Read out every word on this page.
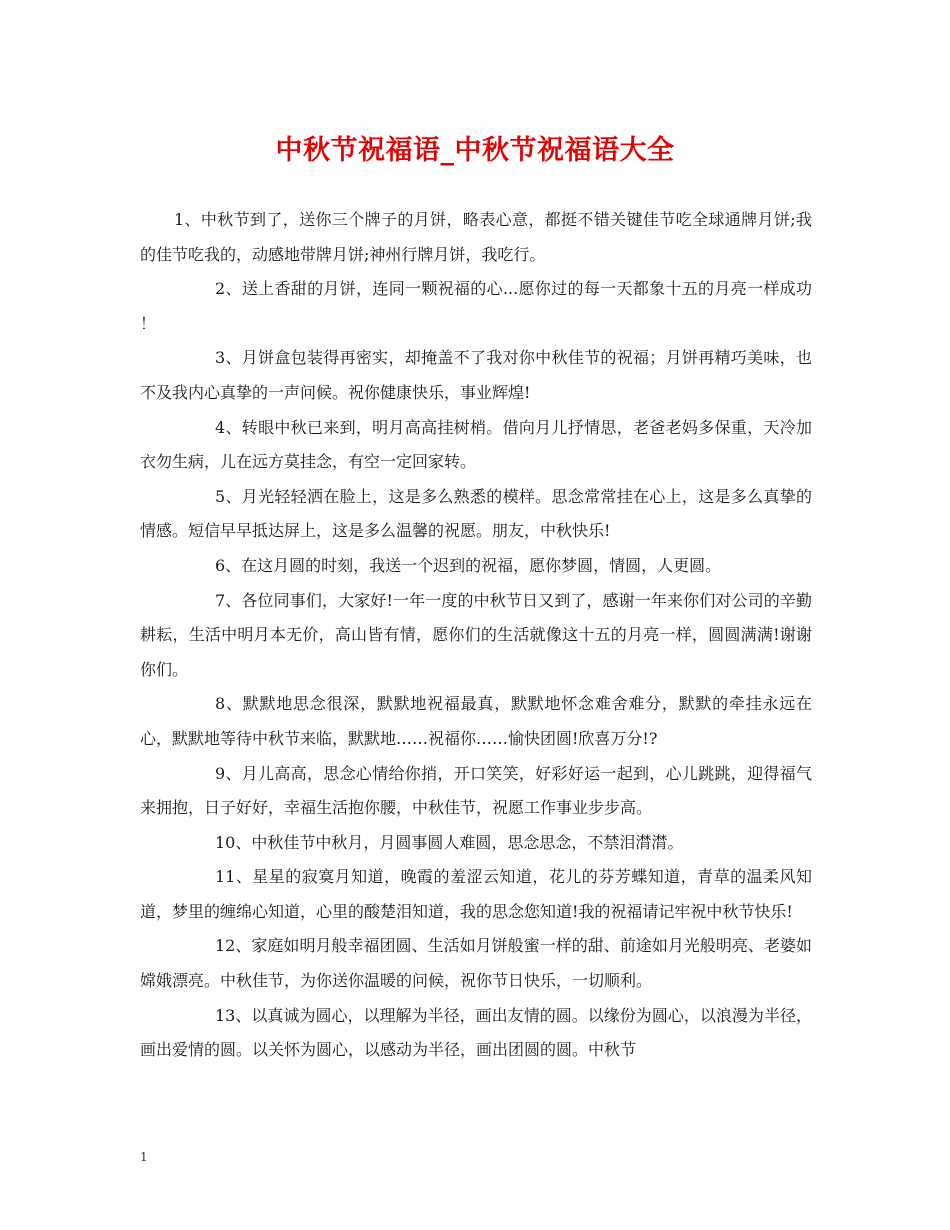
中秋节祝福语_中秋节祝福语大全

1、中秋节到了，送你三个牌子的月饼，略表心意，都挺不错关键佳节吃全球通牌月饼;我的佳节吃我的，动感地带牌月饼;神州行牌月饼，我吃行。

2、送上香甜的月饼，连同一颗祝福的心...愿你过的每一天都象十五的月亮一样成功 ！

3、月饼盒包装得再密实，却掩盖不了我对你中秋佳节的祝福；月饼再精巧美味，也不及我内心真挚的一声问候。祝你健康快乐，事业辉煌!

4、转眼中秋已来到，明月高高挂树梢。借向月儿抒情思，老爸老妈多保重，天冷加衣勿生病，儿在远方莫挂念，有空一定回家转。

5、月光轻轻洒在脸上，这是多么熟悉的模样。思念常常挂在心上，这是多么真挚的情感。短信早早抵达屏上，这是多么温馨的祝愿。朋友，中秋快乐!

6、在这月圆的时刻，我送一个迟到的祝福，愿你梦圆，情圆，人更圆。

7、各位同事们，大家好!一年一度的中秋节日又到了，感谢一年来你们对公司的辛勤耕耘，生活中明月本无价，高山皆有情，愿你们的生活就像这十五的月亮一样，圆圆满满!谢谢你们。

8、默默地思念很深，默默地祝福最真，默默地怀念难舍难分，默默的牵挂永远在心，默默地等待中秋节来临，默默地……祝福你……愉快团圆!欣喜万分!?

9、月儿高高，思念心情给你捎，开口笑笑，好彩好运一起到，心儿跳跳，迎得福气来拥抱，日子好好，幸福生活抱你腰，中秋佳节，祝愿工作事业步步高。

10、中秋佳节中秋月，月圆事圆人难圆，思念思念，不禁泪潸潸。

11、星星的寂寞月知道，晚霞的羞涩云知道，花儿的芬芳蝶知道，青草的温柔风知道，梦里的缠绵心知道，心里的酸楚泪知道，我的思念您知道!我的祝福请记牢祝中秋节快乐!

12、家庭如明月般幸福团圆、生活如月饼般蜜一样的甜、前途如月光般明亮、老婆如嫦娥漂亮。中秋佳节，为你送你温暖的问候，祝你节日快乐，一切顺利。

13、以真诚为圆心，以理解为半径，画出友情的圆。以缘份为圆心，以浪漫为半径，画出爱情的圆。以关怀为圆心，以感动为半径，画出团圆的圆。中秋节

1
